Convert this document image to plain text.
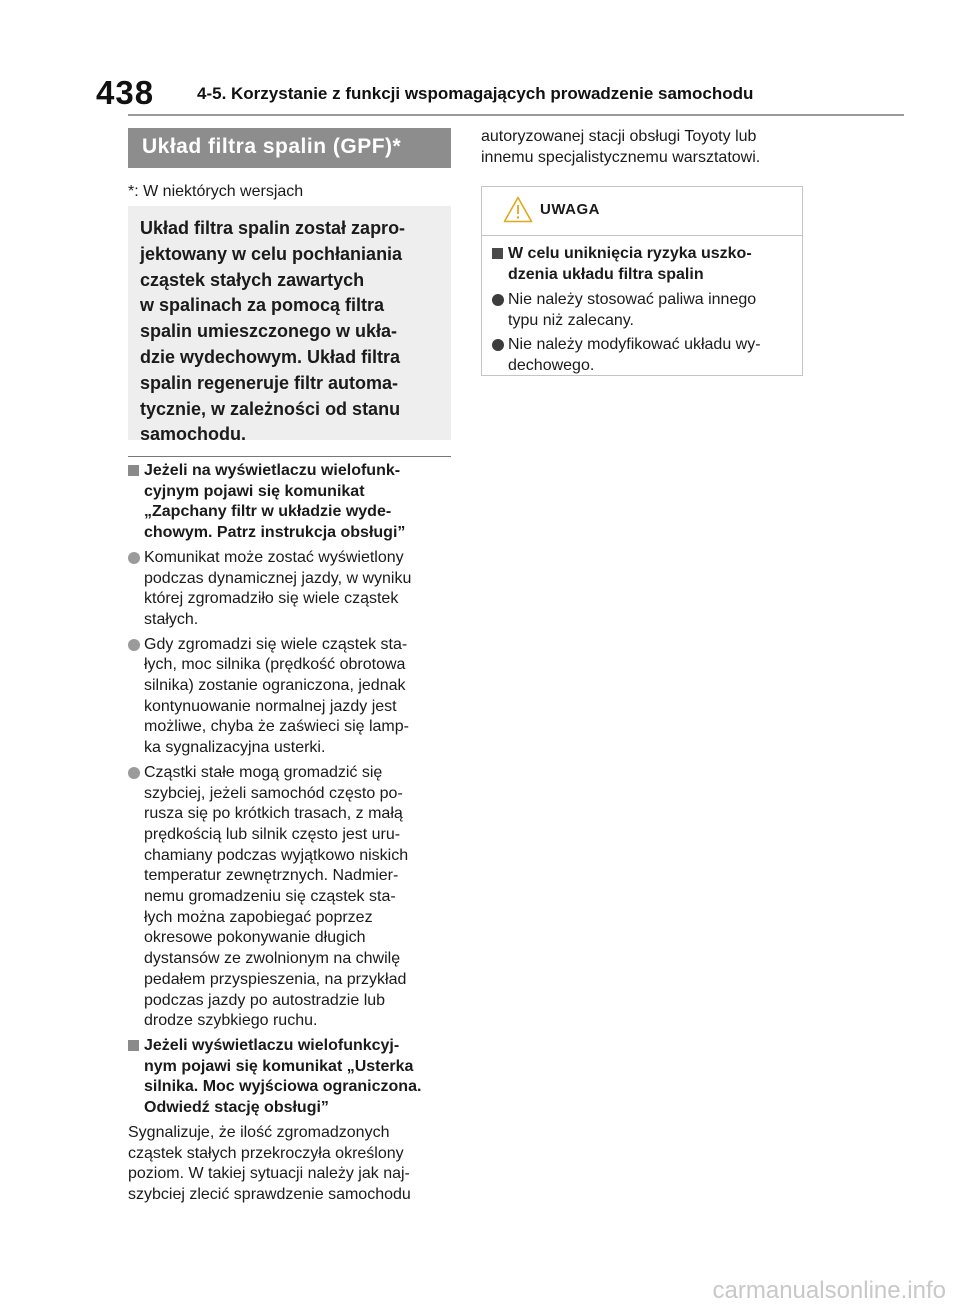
438	4-5. Korzystanie z funkcji wspomagających prowadzenie samochodu
Układ filtra spalin (GPF)*
*: W niektórych wersjach
Układ filtra spalin został zapro-
jektowany w celu pochłaniania
cząstek stałych zawartych
w spalinach za pomocą filtra
spalin umieszczonego w ukła-
dzie wydechowym. Układ filtra
spalin regeneruje filtr automa-
tycznie, w zależności od stanu
samochodu.
Jeżeli na wyświetlaczu wielofunk-
cyjnym pojawi się komunikat
„Zapchany filtr w układzie wyde-
chowym. Patrz instrukcja obsługi”
Komunikat może zostać wyświetlony
podczas dynamicznej jazdy, w wyniku
której zgromadziło się wiele cząstek
stałych.
Gdy zgromadzi się wiele cząstek sta-
łych, moc silnika (prędkość obrotowa
silnika) zostanie ograniczona, jednak
kontynuowanie normalnej jazdy jest
możliwe, chyba że zaświeci się lamp-
ka sygnalizacyjna usterki.
Cząstki stałe mogą gromadzić się
szybciej, jeżeli samochód często po-
rusza się po krótkich trasach, z małą
prędkością lub silnik często jest uru-
chamiany podczas wyjątkowo niskich
temperatur zewnętrznych. Nadmier-
nemu gromadzeniu się cząstek sta-
łych można zapobiegać poprzez
okresowe pokonywanie długich
dystansów ze zwolnionym na chwilę
pedałem przyspieszenia, na przykład
podczas jazdy po autostradzie lub
drodze szybkiego ruchu.
Jeżeli wyświetlaczu wielofunkcyj-
nym pojawi się komunikat „Usterka
silnika. Moc wyjściowa ograniczona.
Odwiedź stację obsługi”
Sygnalizuje, że ilość zgromadzonych
cząstek stałych przekroczyła określony
poziom. W takiej sytuacji należy jak naj-
szybciej zlecić sprawdzenie samochodu
autoryzowanej stacji obsługi Toyoty lub
innemu specjalistycznemu warsztatowi.
UWAGA
W celu uniknięcia ryzyka uszko-
dzenia układu filtra spalin
Nie należy stosować paliwa innego
typu niż zalecany.
Nie należy modyfikować układu wy-
dechowego.
carmanualsonline.info
